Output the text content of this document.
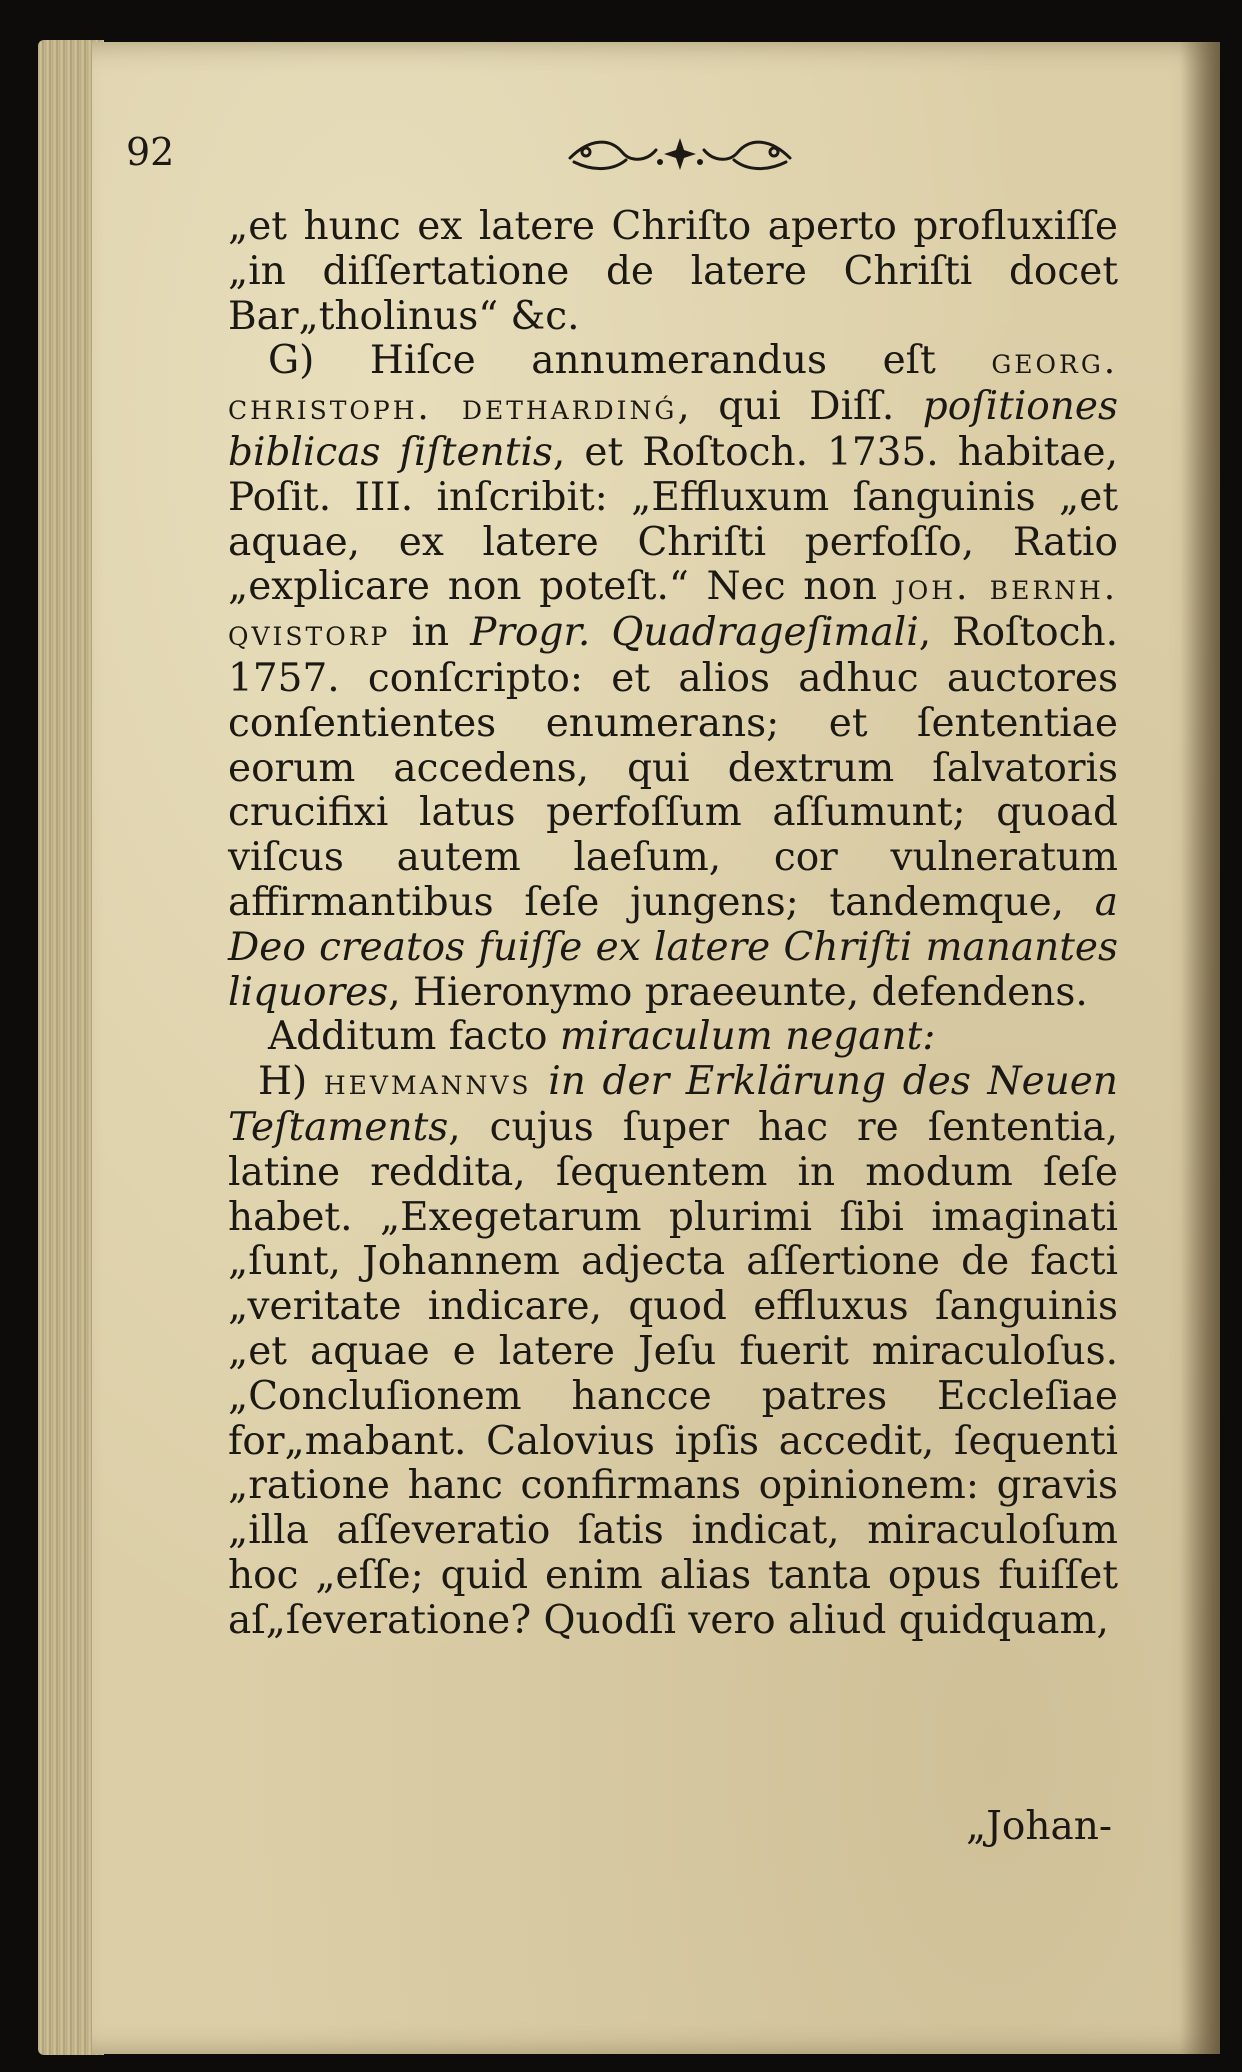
92

„et hunc ex latere Chriſto aperto profluxiſſe „in diſſertatione de latere Chriſti docet Bar„tholinus“ &c.

G) Hiſce annumerandus eſt georg. christoph. dethardinǵ, qui Diſſ. poſitiones biblicas ſiſtentis, et Roſtoch. 1735. habitae, Poſit. III. inſcribit: „Effluxum ſanguinis „et aquae, ex latere Chriſti perfoſſo, Ratio „explicare non poteſt.“ Nec non joh. bernh. qvistorp in Progr. Quadrageſimali, Roſtoch. 1757. conſcripto: et alios adhuc auctores conſentientes enumerans; et ſententiae eorum accedens, qui dextrum ſalvatoris crucifixi latus perfoſſum aſſumunt; quoad viſcus autem laeſum, cor vulneratum affirmantibus ſeſe jungens; tandemque, a Deo creatos fuiſſe ex latere Chriſti manantes liquores, Hieronymo praeeunte, defendens.

Additum facto miraculum negant:

H) hevmannvs in der Erklärung des Neuen Teſtaments, cujus ſuper hac re ſententia, latine reddita, ſequentem in modum ſeſe habet. „Exegetarum plurimi ſibi imaginati „ſunt, Johannem adjecta aſſertione de facti „veritate indicare, quod effluxus ſanguinis „et aquae e latere Jeſu fuerit miraculoſus. „Concluſionem hancce patres Eccleſiae for„mabant. Calovius ipſis accedit, ſequenti „ratione hanc confirmans opinionem: gravis „illa aſſeveratio ſatis indicat, miraculoſum hoc „eſſe; quid enim alias tanta opus fuiſſet aſ„ſeveratione? Quodſi vero aliud quidquam,

„Johan-
